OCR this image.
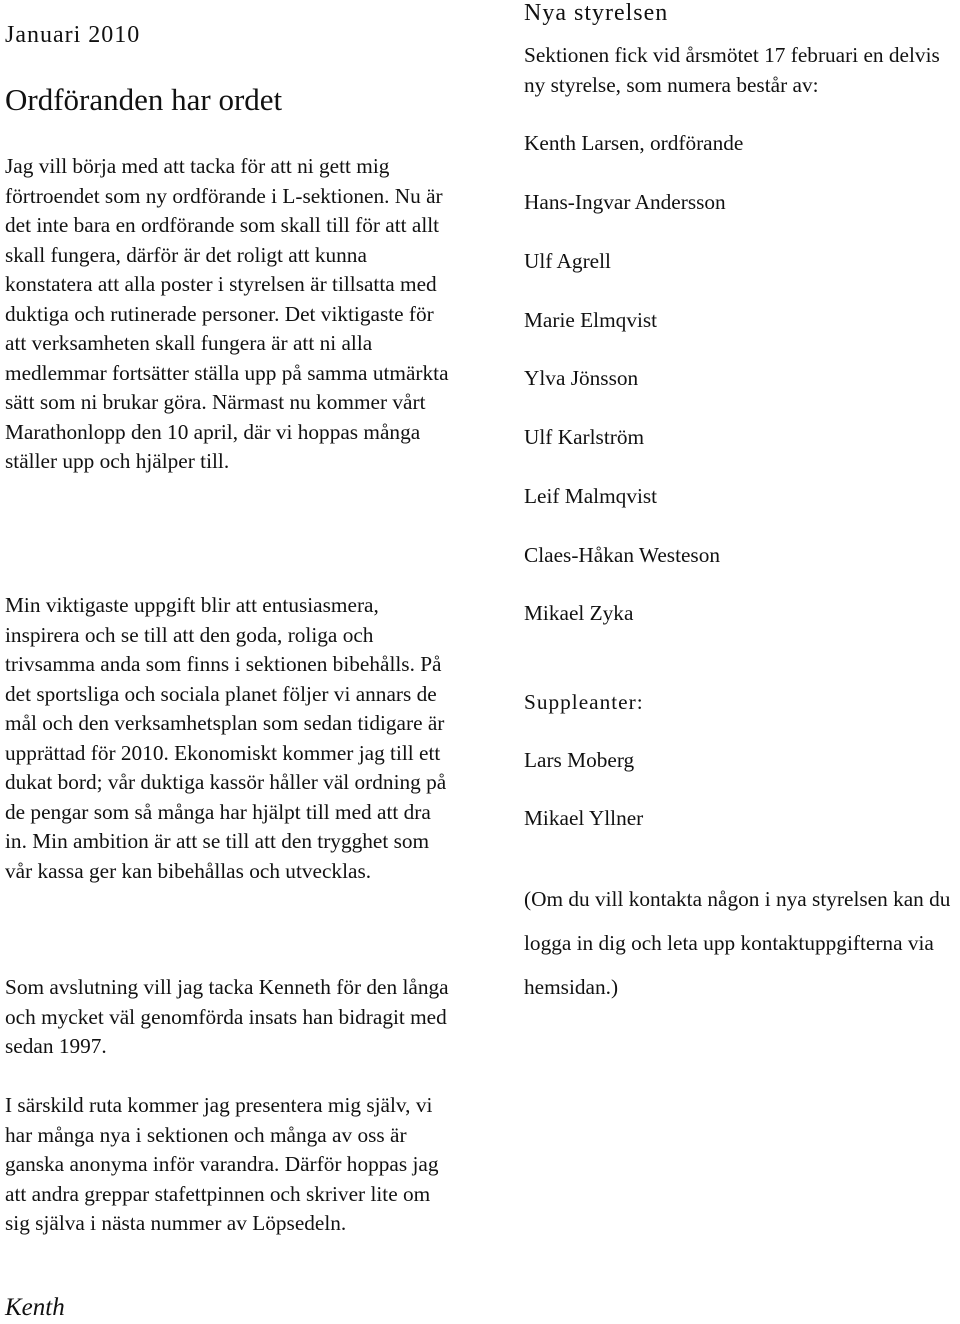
Januari 2010
Ordföranden har ordet

Jag vill börja med att tacka för att ni gett mig förtroendet som ny ordförande i L-sektionen. Nu är det inte bara en ordförande som skall till för att allt skall fungera, därför är det roligt att kunna konstatera att alla poster i styrelsen är tillsatta med duktiga och rutinerade personer. Det viktigaste för att verksamheten skall fungera är att ni alla medlemmar fortsätter ställa upp på samma utmärkta sätt som ni brukar göra. Närmast nu kommer vårt Marathonlopp den 10 april, där vi hoppas många ställer upp och hjälper till.

Min viktigaste uppgift blir att entusiasmera, inspirera och se till att den goda, roliga och trivsamma anda som finns i sektionen bibehålls. På det sportsliga och sociala planet följer vi annars de mål och den verksamhetsplan som sedan tidigare är upprättad för 2010. Ekonomiskt kommer jag till ett dukat bord; vår duktiga kassör håller väl ordning på de pengar som så många har hjälpt till med att dra in. Min ambition är att se till att den trygghet som vår kassa ger kan bibehållas och utvecklas.

Som avslutning vill jag tacka Kenneth för den långa och mycket väl genomförda insats han bidragit med sedan 1997.

I särskild ruta kommer jag presentera mig själv, vi har många nya i sektionen och många av oss är ganska anonyma inför varandra. Därför hoppas jag att andra greppar stafettpinnen och skriver lite om sig själva i nästa nummer av Löpsedeln.

Kenth
Nya styrelsen

Sektionen fick vid årsmötet 17 februari en delvis ny styrelse, som numera består av:

Kenth Larsen, ordförande
Hans-Ingvar Andersson
Ulf Agrell
Marie Elmqvist
Ylva Jönsson
Ulf Karlström
Leif Malmqvist
Claes-Håkan Westeson
Mikael Zyka
Suppleanter:
Lars Moberg
Mikael Yllner

(Om du vill kontakta någon i nya styrelsen kan du logga in dig och leta upp kontaktuppgifterna via hemsidan.)
